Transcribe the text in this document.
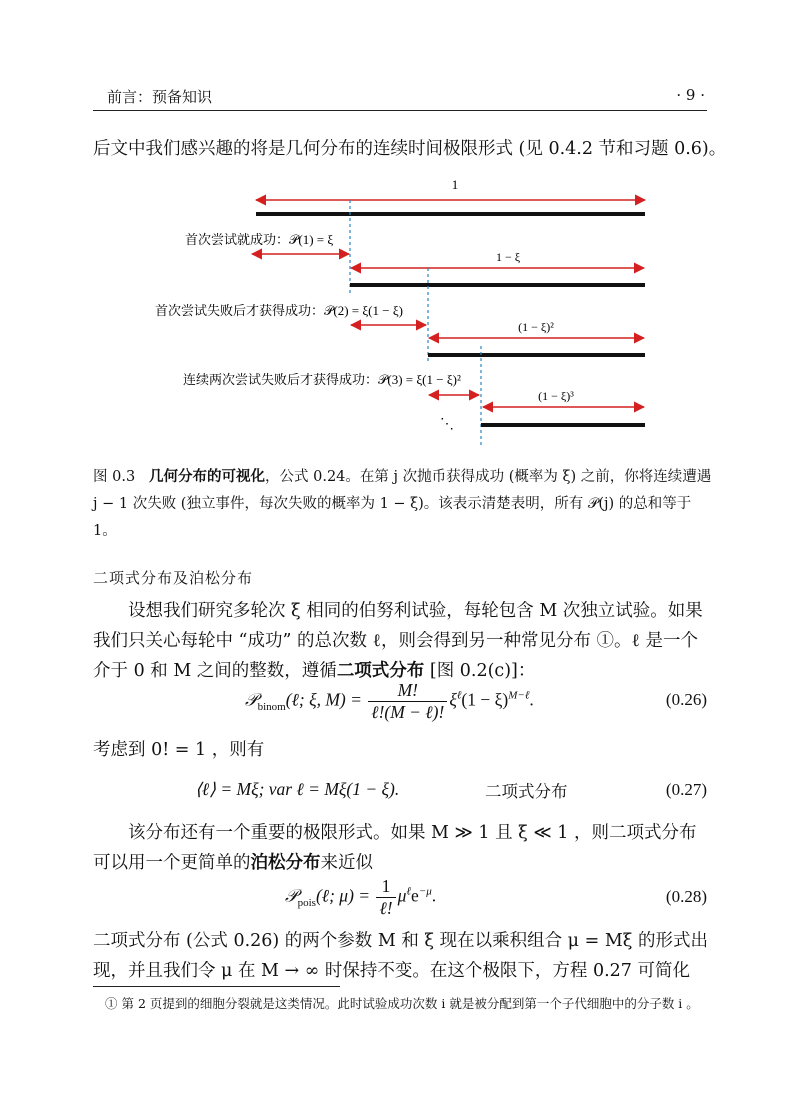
前言：预备知识	· 9 ·
后文中我们感兴趣的将是几何分布的连续时间极限形式 (见 0.4.2 节和习题 0.6)。
1
首次尝试就成功：𝒫(1) = ξ
1 − ξ
首次尝试失败后才获得成功：𝒫(2) = ξ(1 − ξ)
(1 − ξ)²
连续两次尝试失败后才获得成功：𝒫(3) = ξ(1 − ξ)²
(1 − ξ)³
⋱
图 0.3 几何分布的可视化，公式 0.24。在第 j 次抛币获得成功 (概率为 ξ) 之前，你将连续遭遇 j − 1 次失败 (独立事件，每次失败的概率为 1 − ξ)。该表示清楚表明，所有 𝒫(j) 的总和等于 1。
二项式分布及泊松分布
设想我们研究多轮次 ξ 相同的伯努利试验，每轮包含 M 次独立试验。如果我们只关心每轮中 “成功” 的总次数 ℓ，则会得到另一种常见分布 ①。ℓ 是一个介于 0 和 M 之间的整数，遵循二项式分布 [图 0.2(c)]：
𝒫$_{binom}$(ℓ; ξ, $M) = \frac{M!}{\text{ℓ!(M − ℓ)!}} \xi^\ell(1 - \xi)^{M-\ell}$.	(0.26)
考虑到 0! = 1 ，则有
⟨ℓ⟩ = Mξ; var ℓ = Mξ(1 − ξ).	二项式分布	(0.27)
该分布还有一个重要的极限形式。如果 M ≫ 1 且 ξ ≪ 1 ，则二项式分布可以用一个更简单的泊松分布来近似
𝒫$_{pois}$(ℓ; $\mu) = \frac{1}{\text{ℓ!}} \mu^\ell e^{-\mu}$.	(0.28)
二项式分布 (公式 0.26) 的两个参数 M 和 ξ 现在以乘积组合 μ = Mξ 的形式出现，并且我们令 μ 在 M → ∞ 时保持不变。在这个极限下，方程 0.27 可简化
① 第 2 页提到的细胞分裂就是这类情况。此时试验成功次数 i 就是被分配到第一个子代细胞中的分子数 i 。
